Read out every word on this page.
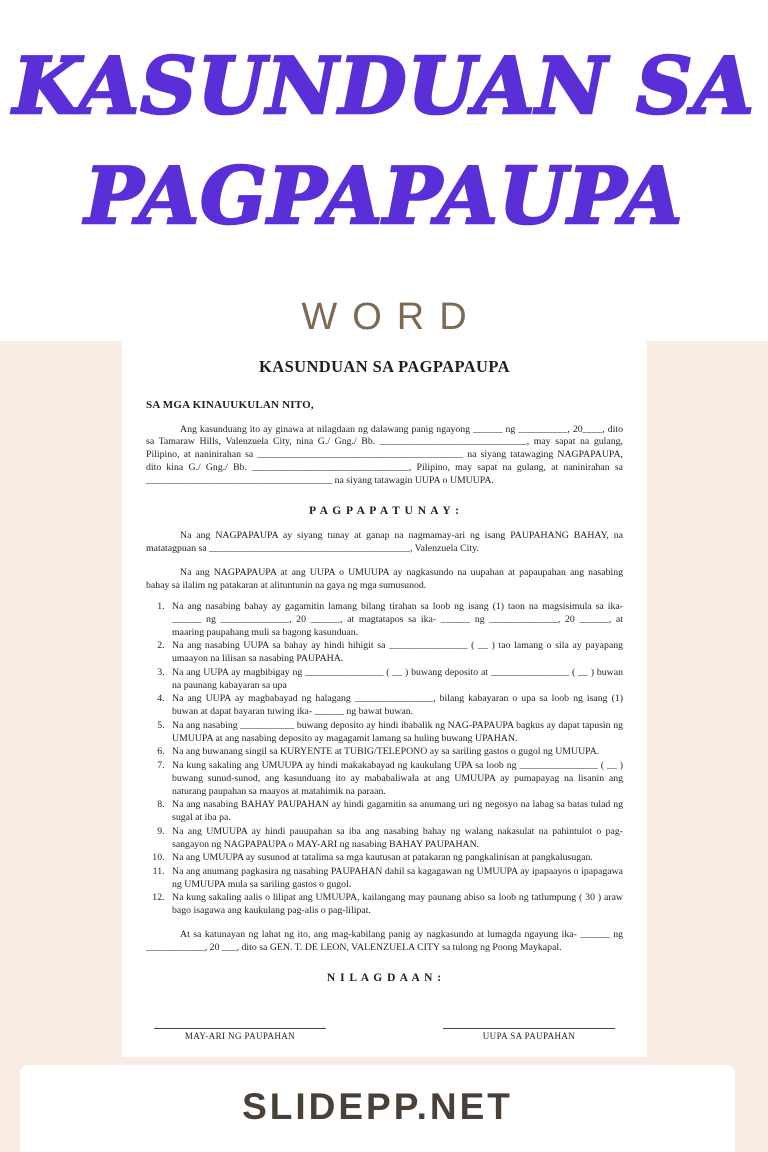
KASUNDUAN SA
PAGPAPAUPA
WORD
KASUNDUAN SA PAGPAPAUPA

SA MGA KINAUUKULAN NITO,

Ang kasunduang ito ay ginawa at nilagdaan ng dalawang panig ngayong ______ ng __________, 20____, dito sa Tamaraw Hills, Valenzuela City, nina G./ Gng./ Bb. ______________________________, may sapat na gulang, Pilipino, at naninirahan sa __________________________________________ na siyang tatawaging NAGPAPAUPA, dito kina G./ Gng./ Bb. ________________________________, Pilipino, may sapat na gulang, at naninirahan sa ______________________________________ na siyang tatawagin UUPA o UMUUPA.

P A G P A P A T U N A Y :

Na ang NAGPAPAUPA ay siyang tunay at ganap na nagmamay-ari ng isang PAUPAHANG BAHAY, na matatagpuan sa _________________________________________, Valenzuela City.

Na ang NAGPAPAUPA at ang UUPA o UMUUPA ay nagkasundo na uupahan at papaupahan ang nasabing bahay sa ilalim ng patakaran at alituntunin na gaya ng mga sumusunod.

1. Na ang nasabing bahay ay gagamitin lamang bilang tirahan sa loob ng isang (1) taon na magsisimula sa ika- ______ ng ______________, 20 ______, at magtatapos sa ika- ______ ng ______________, 20 ______, at maaring paupahang muli sa bagong kasunduan.
2. Na ang nasabing UUPA sa bahay ay hindi hihigit sa ________________ ( __ ) tao lamang o sila ay payapang umaayon na lilisan sa nasabing PAUPAHA.
3. Na ang UUPA ay magbibigay ng ________________ ( __ ) buwang deposito at ________________ ( __ ) buwan na paunang kabayaran sa upa
4. Na ang UUPA ay magbabayad ng halagang ________________, bilang kabayaran o upa sa loob ng isang (1) buwan at dapat bayaran tuwing ika- ______ ng bawat buwan.
5. Na ang nasabing ___________ buwang deposito ay hindi ibabalik ng NAG-PAPAUPA bagkus ay dapat tapusin ng UMUUPA at ang nasabing deposito ay magagamit lamang sa huling buwang UPAHAN.
6. Na ang buwanang singil sa KURYENTE at TUBIG/TELEPONO ay sa sariling gastos o gugol ng UMUUPA.
7. Na kung sakaling ang UMUUPA ay hindi makakabayad ng kaukulang UPA sa loob ng ________________ ( __ ) buwang sunud-sunod, ang kasunduang ito ay mababaliwala at ang UMUUPA ay pumapayag na lisanin ang naturang paupahan sa maayos at matahimik na paraan.
8. Na ang nasabing BAHAY PAUPAHAN ay hindi gagamitin sa anumang uri ng negosyo na labag sa batas tulad ng sugal at iba pa.
9. Na ang UMUUPA ay hindi pauupahan sa iba ang nasabing bahay ng walang nakasulat na pahintulot o pag-sangayon ng NAGPAPAUPA o MAY-ARI ng nasabing BAHAY PAUPAHAN.
10. Na ang UMUUPA ay susunod at tatalima sa mga kautusan at patakaran ng pangkalinisan at pangkalusugan.
11. Na ang anumang pagkasira ng nasabing PAUPAHAN dahil sa kagagawan ng UMUUPA ay ipapaayos o ipapagawa ng UMUUPA mula sa sariling gastos o gugol.
12. Na kung sakaling aalis o lilipat ang UMUUPA, kailangang may paunang abiso sa loob ng tatlumpung ( 30 ) araw bago isagawa ang kaukulang pag-alis o pag-lilipat.

At sa katunayan ng lahat ng ito, ang mag-kabilang panig ay nagkasundo at lumagda ngayung ika- ______ ng ____________, 20 ___, dito sa GEN. T. DE LEON, VALENZUELA CITY sa tulong ng Poong Maykapal.

N I L A G D A A N :
MAY-ARI NG PAUPAHAN	UUPA SA PAUPAHAN
SLIDEPP.NET
